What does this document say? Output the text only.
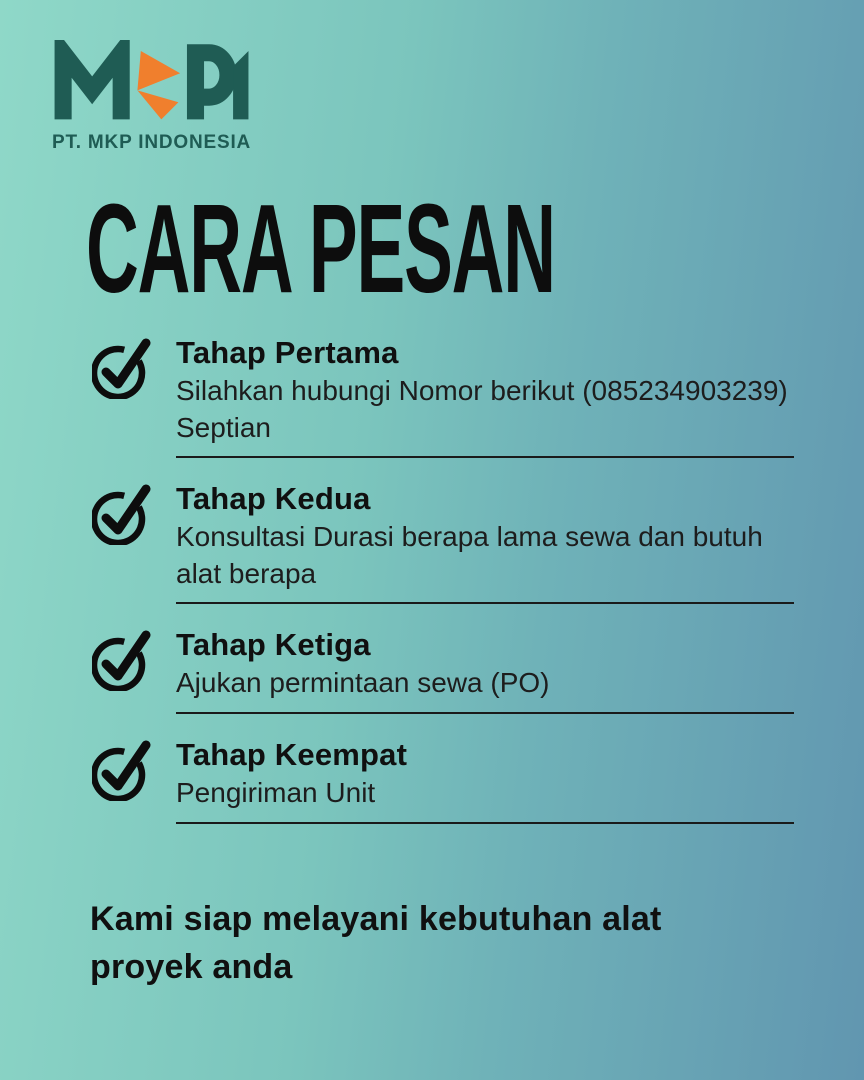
PT. MKP INDONESIA
CARA PESAN
Tahap Pertama
Silahkan hubungi Nomor berikut (085234903239) Septian
Tahap Kedua
Konsultasi Durasi berapa lama sewa dan butuh alat berapa
Tahap Ketiga
Ajukan permintaan sewa (PO)
Tahap Keempat
Pengiriman Unit
Kami siap melayani kebutuhan alat proyek anda
